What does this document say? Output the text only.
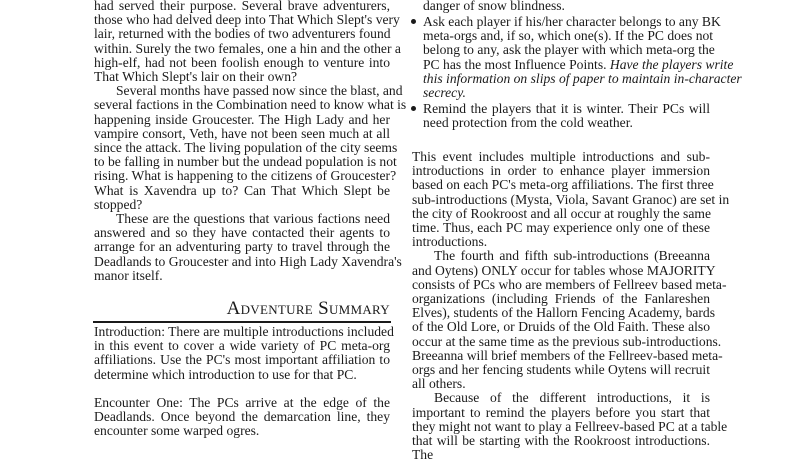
had served their purpose. Several brave adventurers,
those who had delved deep into That Which Slept's very
lair, returned with the bodies of two adventurers found
within. Surely the two females, one a hin and the other a
high-elf, had not been foolish enough to venture into
That Which Slept's lair on their own?
Several months have passed now since the blast, and
several factions in the Combination need to know what is
happening inside Groucester. The High Lady and her
vampire consort, Veth, have not been seen much at all
since the attack. The living population of the city seems
to be falling in number but the undead population is not
rising. What is happening to the citizens of Groucester?
What is Xavendra up to? Can That Which Slept be
stopped?
These are the questions that various factions need
answered and so they have contacted their agents to
arrange for an adventuring party to travel through the
Deadlands to Groucester and into High Lady Xavendra's
manor itself.
Introduction: There are multiple introductions included
in this event to cover a wide variety of PC meta-org
affiliations. Use the PC's most important affiliation to
determine which introduction to use for that PC.
Encounter One: The PCs arrive at the edge of the
Deadlands. Once beyond the demarcation line, they
encounter some warped ogres.
Adventure Summary
danger of snow blindness.
Ask each player if his/her character belongs to any BK
meta-orgs and, if so, which one(s). If the PC does not
belong to any, ask the player with which meta-org the
PC has the most Influence Points. Have the players write
this information on slips of paper to maintain in-character
secrecy.
Remind the players that it is winter. Their PCs will
need protection from the cold weather.
This event includes multiple introductions and sub-
introductions in order to enhance player immersion
based on each PC's meta-org affiliations. The first three
sub-introductions (Mysta, Viola, Savant Granoc) are set in
the city of Rookroost and all occur at roughly the same
time. Thus, each PC may experience only one of these
introductions.
The fourth and fifth sub-introductions (Breeanna
and Oytens) ONLY occur for tables whose MAJORITY
consists of PCs who are members of Fellreev based meta-
organizations (including Friends of the Fanlareshen
Elves), students of the Hallorn Fencing Academy, bards
of the Old Lore, or Druids of the Old Faith. These also
occur at the same time as the previous sub-introductions.
Breeanna will brief members of the Fellreev-based meta-
orgs and her fencing students while Oytens will recruit
all others.
Because of the different introductions, it is
important to remind the players before you start that
they might not want to play a Fellreev-based PC at a table
that will be starting with the Rookroost introductions.
The
